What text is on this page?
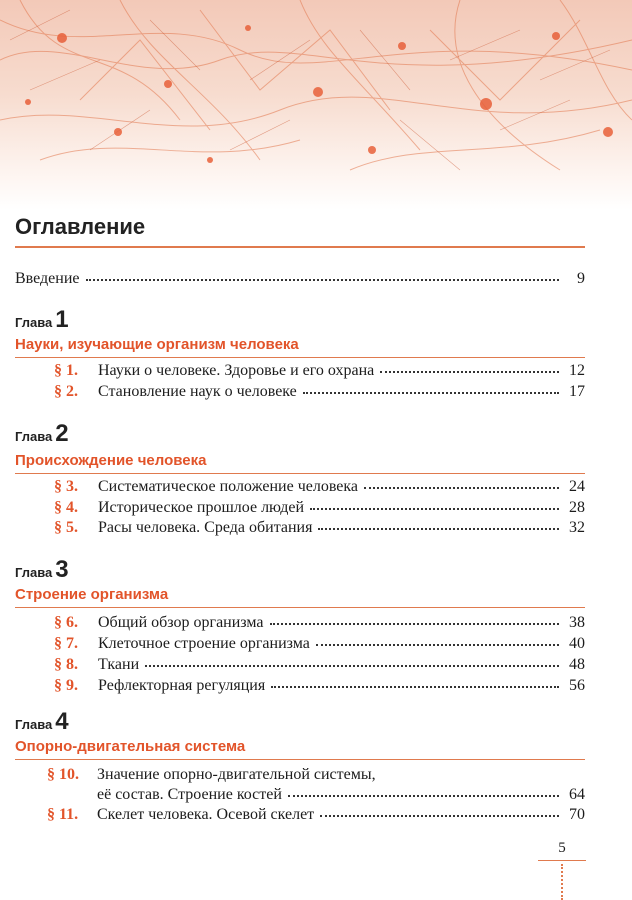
Оглавление
Введение	9
Глава 1
Науки, изучающие организм человека
§ 1. Науки о человеке. Здоровье и его охрана	12
§ 2. Становление наук о человеке	17
Глава 2
Происхождение человека
§ 3. Систематическое положение человека	24
§ 4. Историческое прошлое людей	28
§ 5. Расы человека. Среда обитания	32
Глава 3
Строение организма
§ 6. Общий обзор организма	38
§ 7. Клеточное строение организма	40
§ 8. Ткани	48
§ 9. Рефлекторная регуляция	56
Глава 4
Опорно-двигательная система
§ 10. Значение опорно-двигательной системы,
её состав. Строение костей	64
§ 11. Скелет человека. Осевой скелет	70
5
